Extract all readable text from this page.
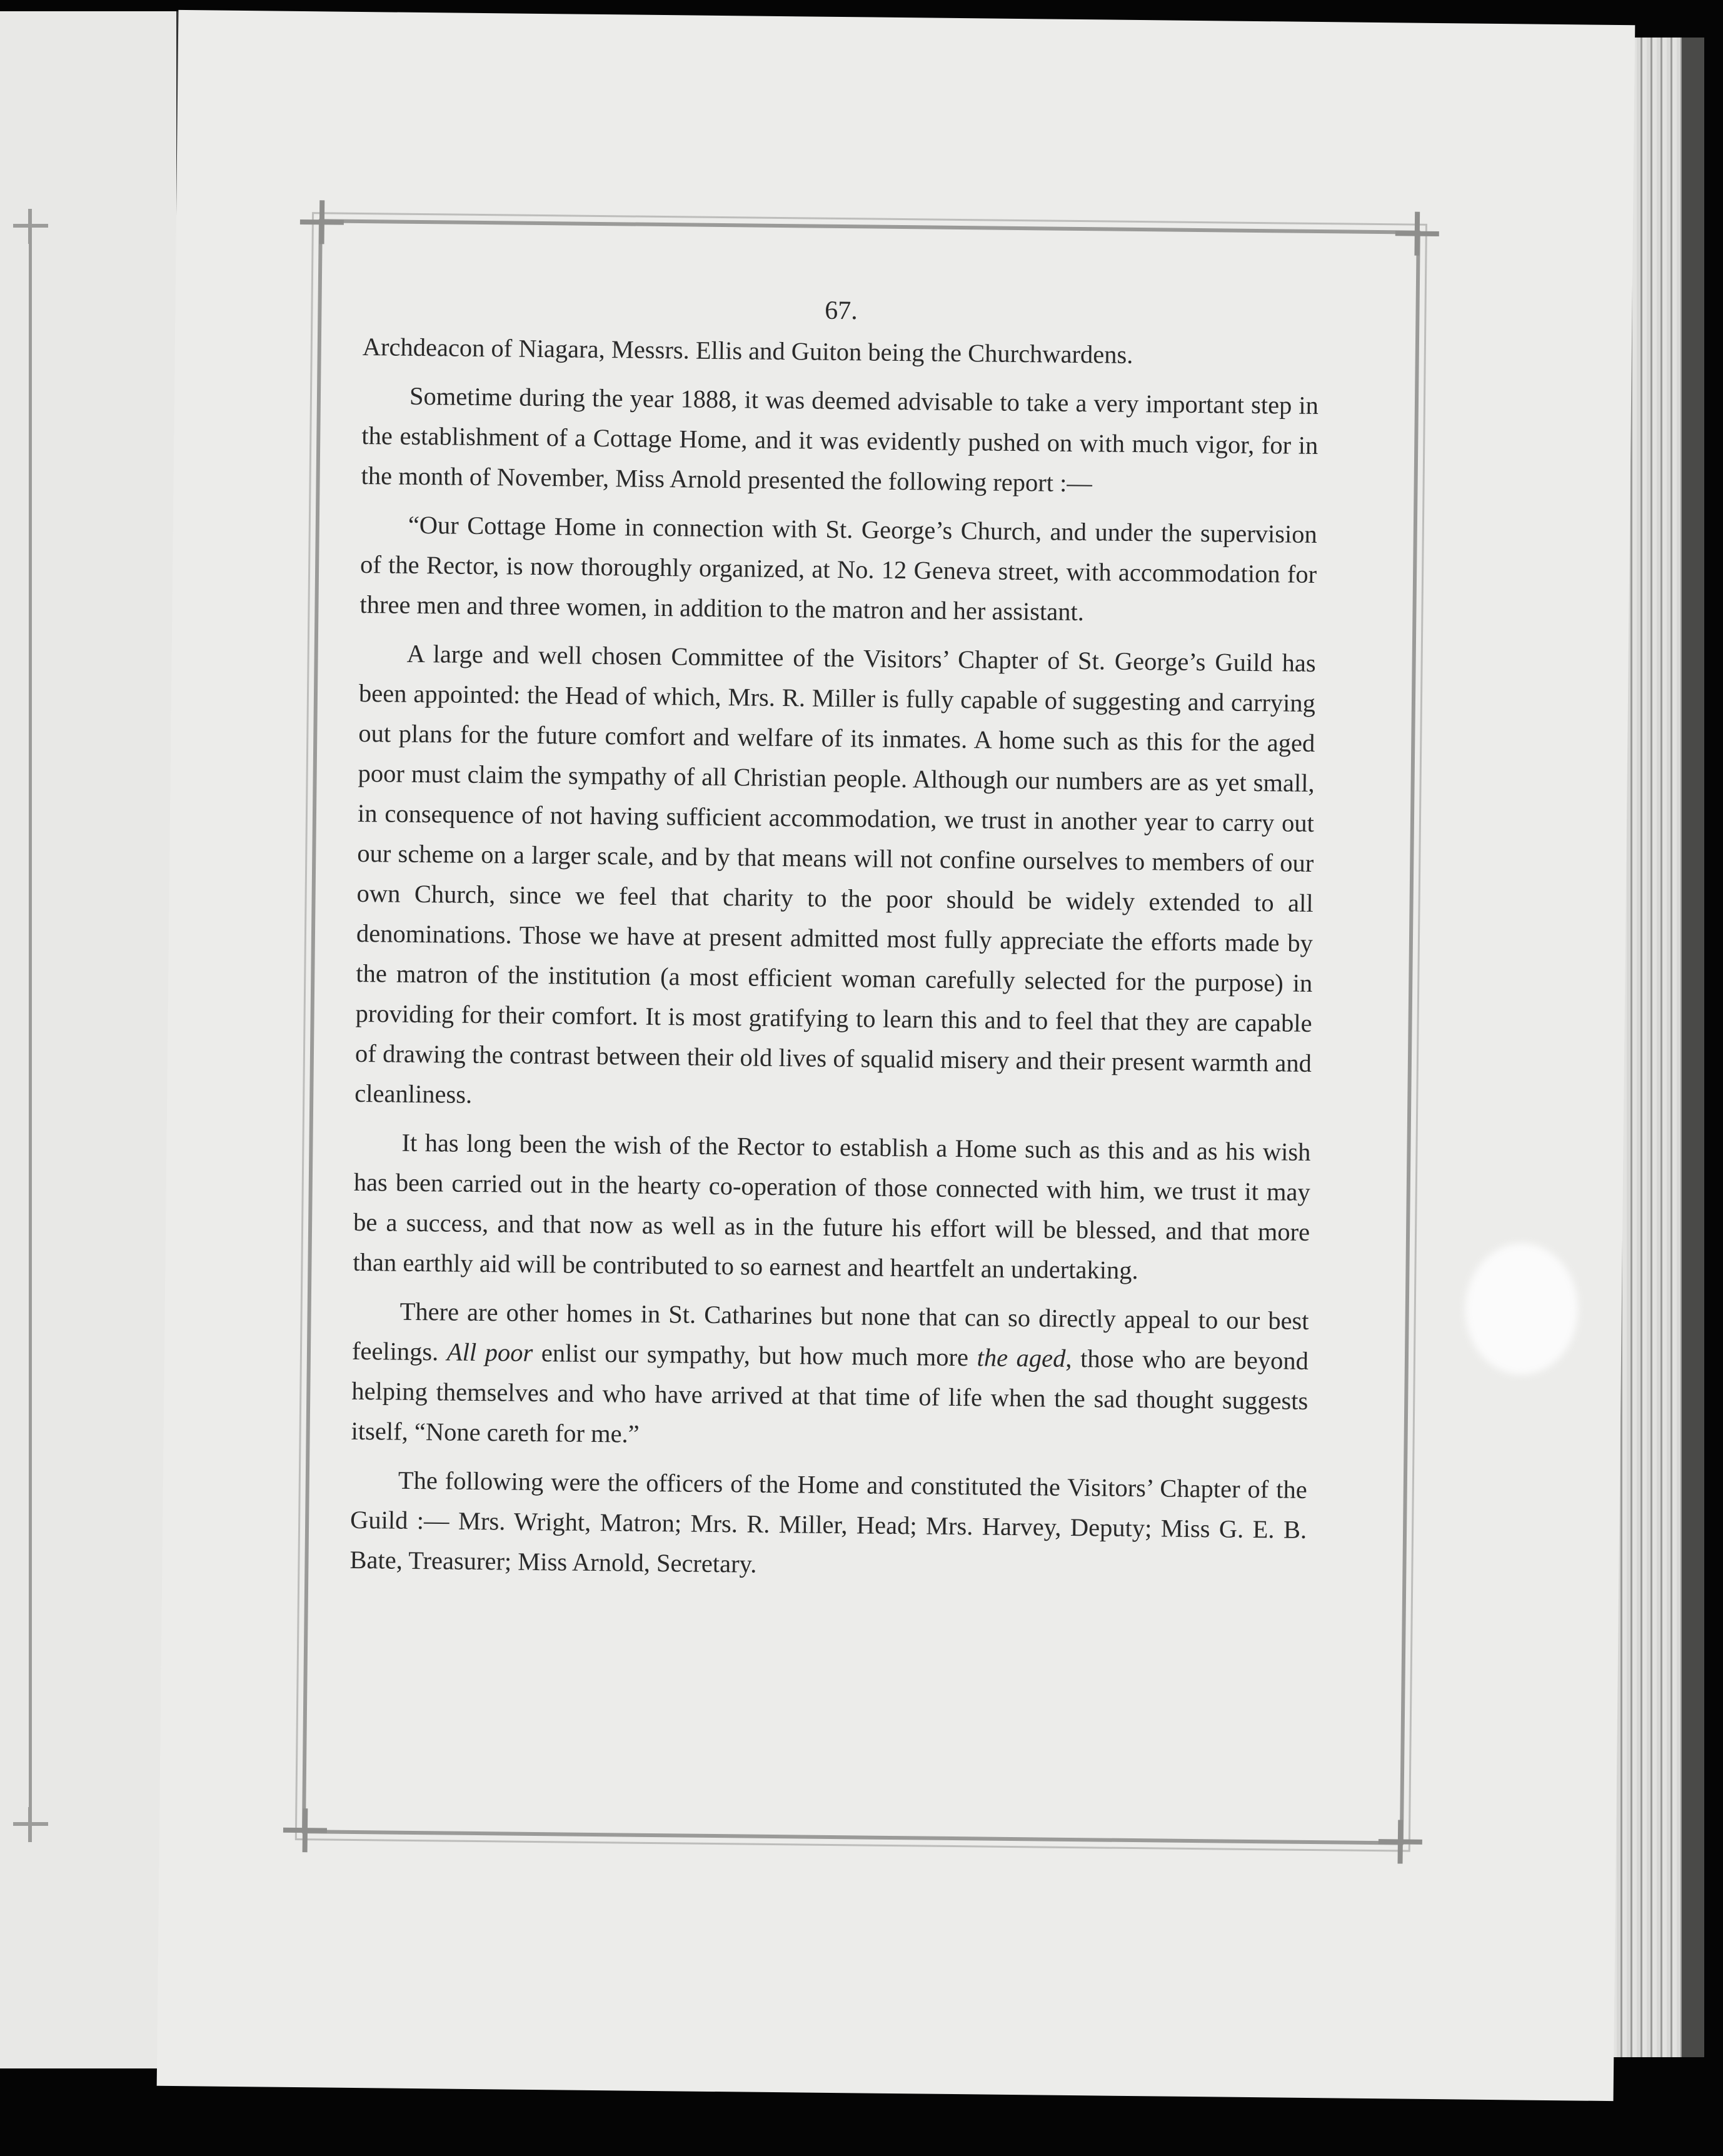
67.

Archdeacon of Niagara, Messrs. Ellis and Guiton being the Churchwardens.

Sometime during the year 1888, it was deemed advisable to take a very important step in the establishment of a Cottage Home, and it was evidently pushed on with much vigor, for in the month of November, Miss Arnold presented the following report :—

“Our Cottage Home in connection with St. George’s Church, and under the supervision of the Rector, is now thoroughly organized, at No. 12 Geneva street, with accommodation for three men and three women, in addition to the matron and her assistant.

A large and well chosen Committee of the Visitors’ Chapter of St. George’s Guild has been appointed: the Head of which, Mrs. R. Miller is fully capable of suggesting and carrying out plans for the future comfort and welfare of its inmates. A home such as this for the aged poor must claim the sympathy of all Christian people. Although our numbers are as yet small, in consequence of not having sufficient accommodation, we trust in another year to carry out our scheme on a larger scale, and by that means will not confine ourselves to members of our own Church, since we feel that charity to the poor should be widely extended to all denominations. Those we have at present admitted most fully appreciate the efforts made by the matron of the institution (a most efficient woman carefully selected for the purpose) in providing for their comfort. It is most gratifying to learn this and to feel that they are capable of drawing the contrast between their old lives of squalid misery and their present warmth and cleanliness.

It has long been the wish of the Rector to establish a Home such as this and as his wish has been carried out in the hearty co-operation of those connected with him, we trust it may be a success, and that now as well as in the future his effort will be blessed, and that more than earthly aid will be contributed to so earnest and heartfelt an undertaking.

There are other homes in St. Catharines but none that can so directly appeal to our best feelings. All poor enlist our sympathy, but how much more the aged, those who are beyond helping themselves and who have arrived at that time of life when the sad thought suggests itself, “None careth for me.”

The following were the officers of the Home and constituted the Visitors’ Chapter of the Guild :— Mrs. Wright, Matron; Mrs. R. Miller, Head; Mrs. Harvey, Deputy; Miss G. E. B. Bate, Treasurer; Miss Arnold, Secretary.
